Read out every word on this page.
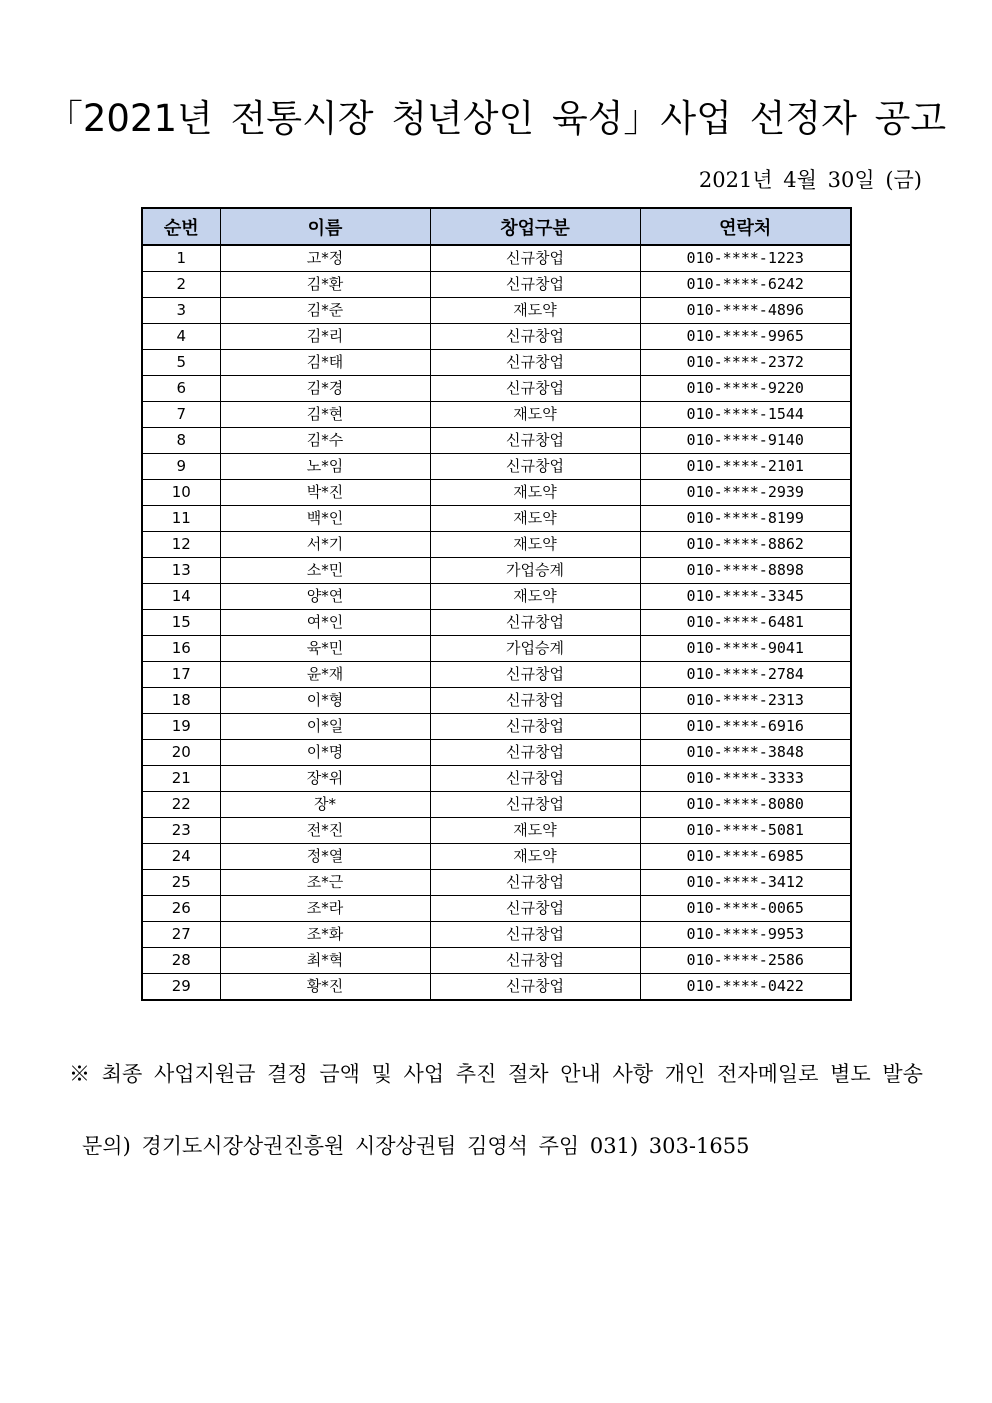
「2021년 전통시장 청년상인 육성」사업 선정자 공고
2021년 4월 30일 (금)
순번	이름	창업구분	연락처
1	고*정	신규창업	010-****-1223
2	김*환	신규창업	010-****-6242
3	김*준	재도약	010-****-4896
4	김*리	신규창업	010-****-9965
5	김*태	신규창업	010-****-2372
6	김*경	신규창업	010-****-9220
7	김*현	재도약	010-****-1544
8	김*수	신규창업	010-****-9140
9	노*임	신규창업	010-****-2101
10	박*진	재도약	010-****-2939
11	백*인	재도약	010-****-8199
12	서*기	재도약	010-****-8862
13	소*민	가업승계	010-****-8898
14	양*연	재도약	010-****-3345
15	여*인	신규창업	010-****-6481
16	육*민	가업승계	010-****-9041
17	윤*재	신규창업	010-****-2784
18	이*형	신규창업	010-****-2313
19	이*일	신규창업	010-****-6916
20	이*명	신규창업	010-****-3848
21	장*위	신규창업	010-****-3333
22	장*	신규창업	010-****-8080
23	전*진	재도약	010-****-5081
24	정*열	재도약	010-****-6985
25	조*근	신규창업	010-****-3412
26	조*라	신규창업	010-****-0065
27	조*화	신규창업	010-****-9953
28	최*혁	신규창업	010-****-2586
29	황*진	신규창업	010-****-0422
※ 최종 사업지원금 결정 금액 및 사업 추진 절차 안내 사항 개인 전자메일로 별도 발송
문의) 경기도시장상권진흥원 시장상권팀 김영석 주임 031) 303-1655
